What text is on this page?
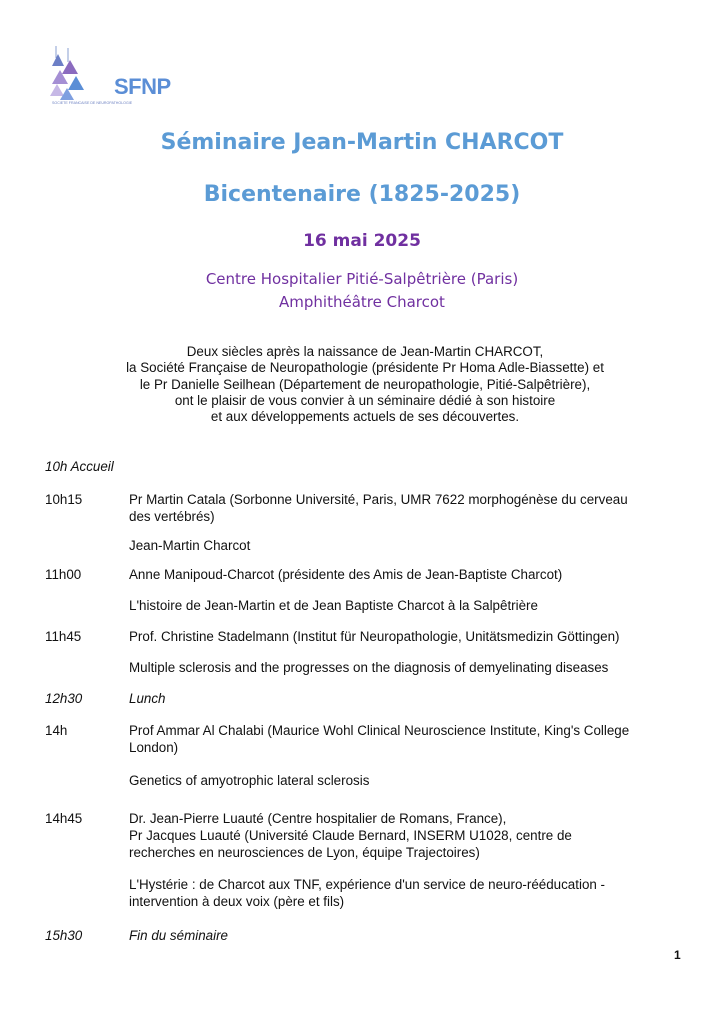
SFNP
SOCIETE FRANCAISE DE NEUROPATHOLOGIE
Séminaire Jean-Martin CHARCOT
Bicentenaire (1825-2025)
16 mai 2025
Centre Hospitalier Pitié-Salpêtrière (Paris)
Amphithéâtre Charcot
Deux siècles après la naissance de Jean-Martin CHARCOT,
la Société Française de Neuropathologie (présidente Pr Homa Adle-Biassette) et
le Pr Danielle Seilhean (Département de neuropathologie, Pitié-Salpêtrière),
ont le plaisir de vous convier à un séminaire dédié à son histoire
et aux développements actuels de ses découvertes.
10h Accueil
10h15	Pr Martin Catala (Sorbonne Université, Paris, UMR 7622 morphogénèse du cerveau
des vertébrés)
Jean-Martin Charcot
11h00	Anne Manipoud-Charcot (présidente des Amis de Jean-Baptiste Charcot)
L'histoire de Jean-Martin et de Jean Baptiste Charcot à la Salpêtrière
11h45	Prof. Christine Stadelmann (Institut für Neuropathologie, Unitätsmedizin Göttingen)
Multiple sclerosis and the progresses on the diagnosis of demyelinating diseases
12h30	Lunch
14h	Prof Ammar Al Chalabi (Maurice Wohl Clinical Neuroscience Institute, King's College
London)
Genetics of amyotrophic lateral sclerosis
14h45	Dr. Jean-Pierre Luauté (Centre hospitalier de Romans, France),
Pr Jacques Luauté (Université Claude Bernard, INSERM U1028, centre de
recherches en neurosciences de Lyon, équipe Trajectoires)
L'Hystérie : de Charcot aux TNF, expérience d'un service de neuro-rééducation -
intervention à deux voix (père et fils)
15h30	Fin du séminaire
1
